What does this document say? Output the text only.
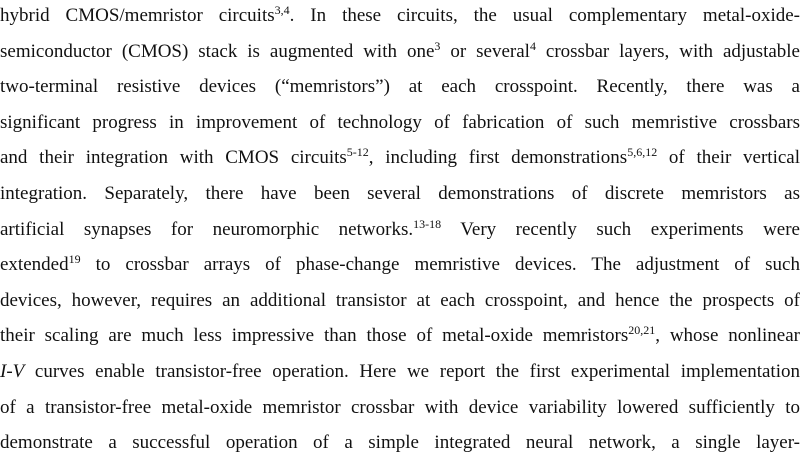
hybrid CMOS/memristor circuits$^{3,4}$. In these circuits, the usual complementary metal-oxide-
semiconductor (CMOS) stack is augmented with one$^3$ or several$^4$ crossbar layers, with adjustable
two-terminal resistive devices (“memristors”) at each crosspoint. Recently, there was a
significant progress in improvement of technology of fabrication of such memristive crossbars
and their integration with CMOS circuits$^{5-12}$, including first demonstrations$^{5,6,12}$ of their vertical
integration. Separately, there have been several demonstrations of discrete memristors as
artificial synapses for neuromorphic networks.$^{13-18}$ Very recently such experiments were
extended$^{19}$ to crossbar arrays of phase-change memristive devices. The adjustment of such
devices, however, requires an additional transistor at each crosspoint, and hence the prospects of
their scaling are much less impressive than those of metal-oxide memristors$^{20,21}$, whose nonlinear
I-V curves enable transistor-free operation. Here we report the first experimental implementation
of a transistor-free metal-oxide memristor crossbar with device variability lowered sufficiently to
demonstrate a successful operation of a simple integrated neural network, a single layer-
